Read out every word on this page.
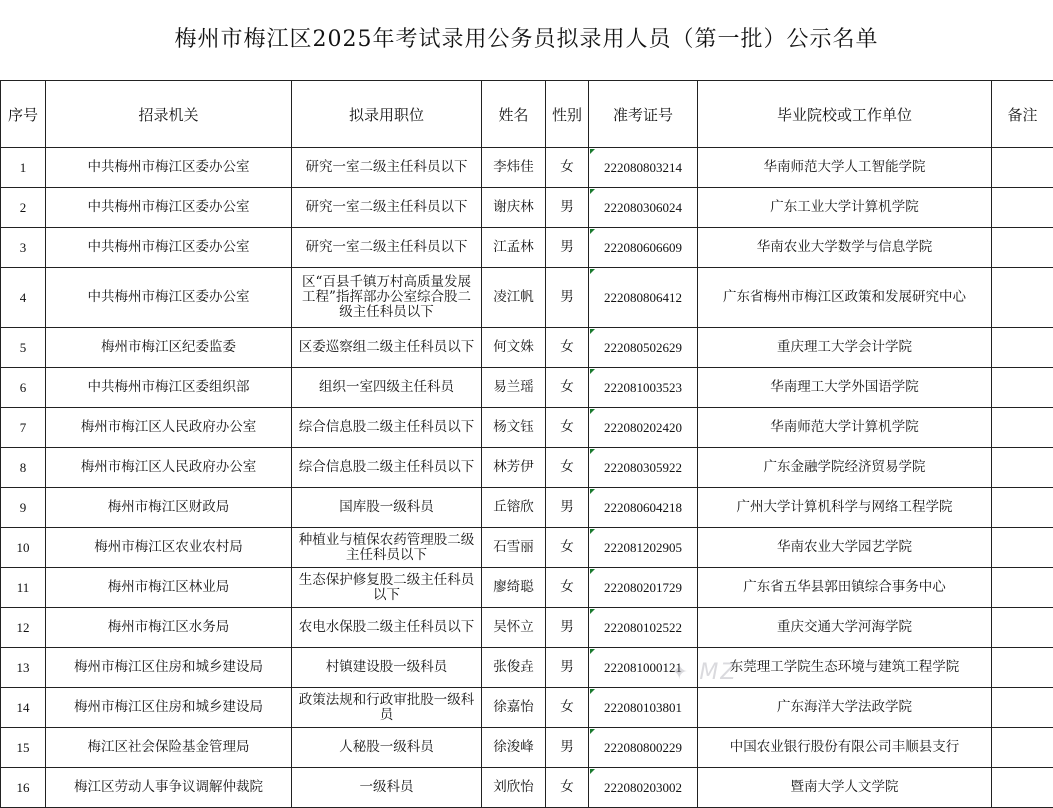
梅州市梅江区2025年考试录用公务员拟录用人员（第一批）公示名单
序号	招录机关	拟录用职位	姓名	性别	准考证号	毕业院校或工作单位	备注
1	中共梅州市梅江区委办公室	研究一室二级主任科员以下	李炜佳	女	222080803214	华南师范大学人工智能学院	
2	中共梅州市梅江区委办公室	研究一室二级主任科员以下	谢庆林	男	222080306024	广东工业大学计算机学院	
3	中共梅州市梅江区委办公室	研究一室二级主任科员以下	江孟林	男	222080606609	华南农业大学数学与信息学院	
4	中共梅州市梅江区委办公室	区“百县千镇万村高质量发展工程”指挥部办公室综合股二级主任科员以下	凌江帆	男	222080806412	广东省梅州市梅江区政策和发展研究中心	
5	梅州市梅江区纪委监委	区委巡察组二级主任科员以下	何文姝	女	222080502629	重庆理工大学会计学院	
6	中共梅州市梅江区委组织部	组织一室四级主任科员	易兰瑶	女	222081003523	华南理工大学外国语学院	
7	梅州市梅江区人民政府办公室	综合信息股二级主任科员以下	杨文钰	女	222080202420	华南师范大学计算机学院	
8	梅州市梅江区人民政府办公室	综合信息股二级主任科员以下	林芳伊	女	222080305922	广东金融学院经济贸易学院	
9	梅州市梅江区财政局	国库股一级科员	丘镕欣	男	222080604218	广州大学计算机科学与网络工程学院	
10	梅州市梅江区农业农村局	种植业与植保农药管理股二级主任科员以下	石雪丽	女	222081202905	华南农业大学园艺学院	
11	梅州市梅江区林业局	生态保护修复股二级主任科员以下	廖绮聪	女	222080201729	广东省五华县郭田镇综合事务中心	
12	梅州市梅江区水务局	农电水保股二级主任科员以下	吴怀立	男	222080102522	重庆交通大学河海学院	
13	梅州市梅江区住房和城乡建设局	村镇建设股一级科员	张俊垚	男	222081000121	东莞理工学院生态环境与建筑工程学院	
14	梅州市梅江区住房和城乡建设局	政策法规和行政审批股一级科员	徐嘉怡	女	222080103801	广东海洋大学法政学院	
15	梅江区社会保险基金管理局	人秘股一级科员	徐浚峰	男	222080800229	中国农业银行股份有限公司丰顺县支行	
16	梅江区劳动人事争议调解仲裁院	一级科员	刘欣怡	女	222080203002	暨南大学人文学院	
✦ MZ
